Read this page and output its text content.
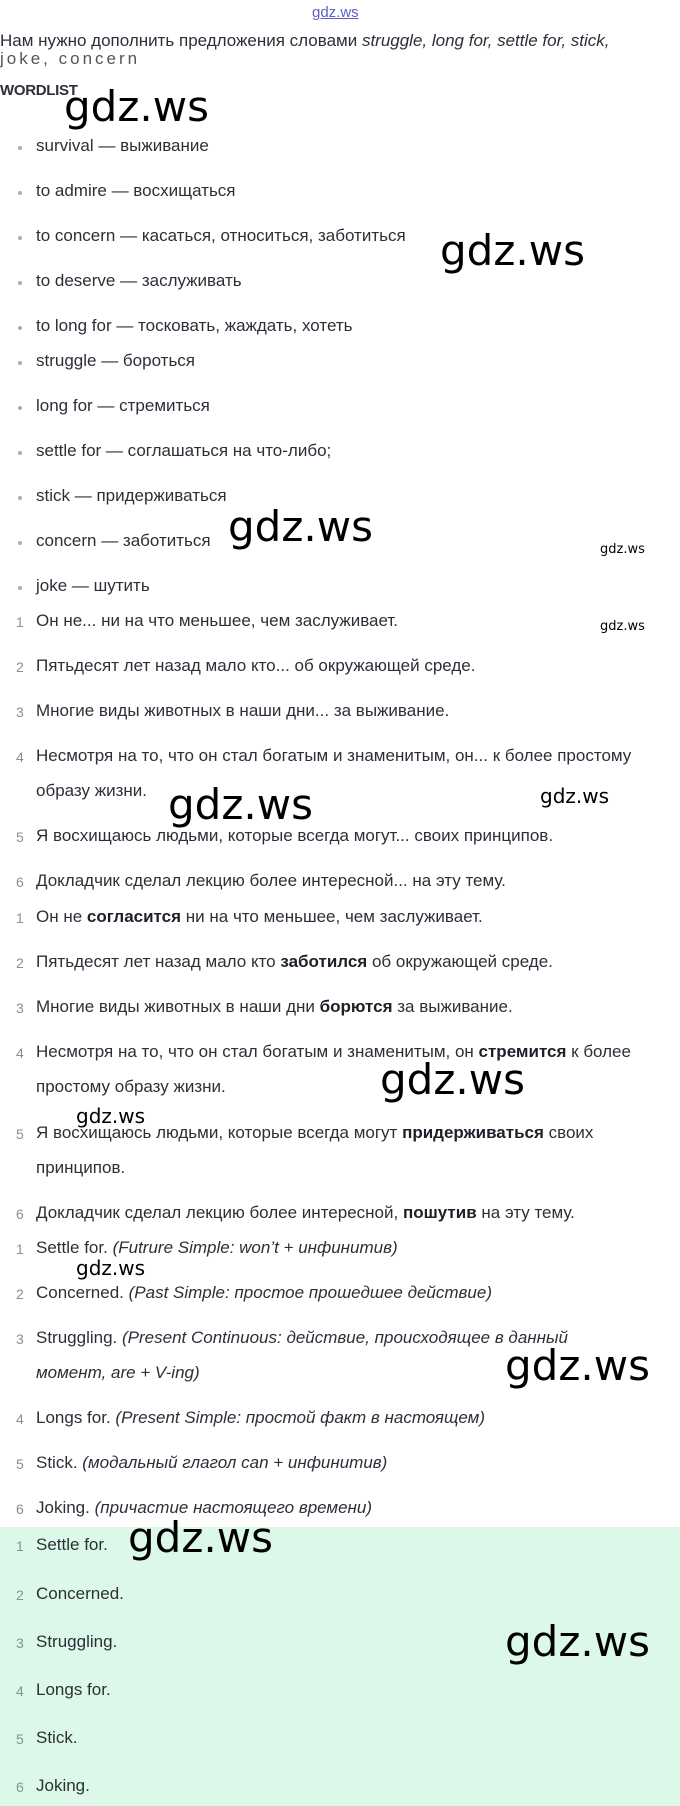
gdz.ws
Нам нужно дополнить предложения словами struggle, long for, settle for, stick,
joke, concern
WORDLIST
survival — выживание
to admire — восхищаться
to concern — касаться, относиться, заботиться
to deserve — заслуживать
to long for — тосковать, жаждать, хотеть
struggle — бороться
long for — стремиться
settle for — соглашаться на что-либо;
stick — придерживаться
concern — заботиться
joke — шутить
1 Он не... ни на что меньшее, чем заслуживает.
2 Пятьдесят лет назад мало кто... об окружающей среде.
3 Многие виды животных в наши дни... за выживание.
4 Несмотря на то, что он стал богатым и знаменитым, он... к более простому
образу жизни.
5 Я восхищаюсь людьми, которые всегда могут... своих принципов.
6 Докладчик сделал лекцию более интересной... на эту тему.
1 Он не согласится ни на что меньшее, чем заслуживает.
2 Пятьдесят лет назад мало кто заботился об окружающей среде.
3 Многие виды животных в наши дни борются за выживание.
4 Несмотря на то, что он стал богатым и знаменитым, он стремится к более
простому образу жизни.
5 Я восхищаюсь людьми, которые всегда могут придерживаться своих
принципов.
6 Докладчик сделал лекцию более интересной, пошутив на эту тему.
1 Settle for. (Futrure Simple: won’t + инфинитив)
2 Concerned. (Past Simple: простое прошедшее действие)
3 Struggling. (Present Continuous: действие, происходящее в данный
момент, are + V-ing)
4 Longs for. (Present Simple: простой факт в настоящем)
5 Stick. (модальный глагол can + инфинитив)
6 Joking. (причастие настоящего времени)
1 Settle for.
2 Concerned.
3 Struggling.
4 Longs for.
5 Stick.
6 Joking.
gdz.ws
gdz.ws
gdz.ws	gdz.ws
gdz.ws
gdz.ws	gdz.ws
gdz.ws
gdz.ws
gdz.ws
gdz.ws
gdz.ws
gdz.ws
